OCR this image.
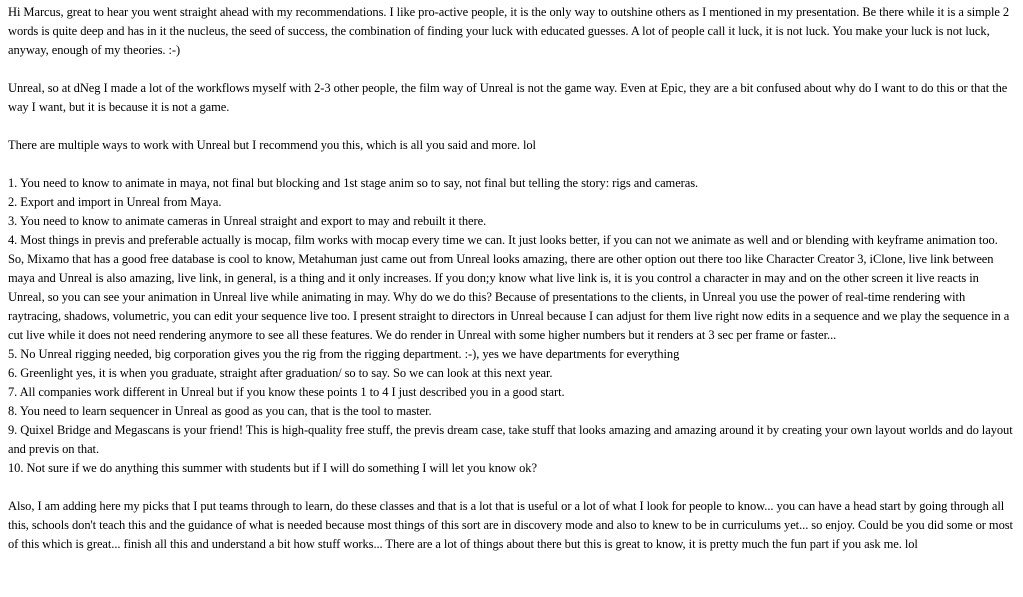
Hi Marcus, great to hear you went straight ahead with my recommendations. I like pro-active people, it is the only way to outshine others as I mentioned in my presentation. Be there while it is a simple 2 words is quite deep and has in it the nucleus, the seed of success, the combination of finding your luck with educated guesses. A lot of people call it luck, it is not luck. You make your luck is not luck, anyway, enough of my theories. :-)

Unreal, so at dNeg I made a lot of the workflows myself with 2-3 other people, the film way of Unreal is not the game way. Even at Epic, they are a bit confused about why do I want to do this or that the way I want, but it is because it is not a game.

There are multiple ways to work with Unreal but I recommend you this, which is all you said and more. lol

1. You need to know to animate in maya, not final but blocking and 1st stage anim so to say, not final but telling the story: rigs and cameras.
2. Export and import in Unreal from Maya.
3. You need to know to animate cameras in Unreal straight and export to may and rebuilt it there.
4. Most things in previs and preferable actually is mocap, film works with mocap every time we can. It just looks better, if you can not we animate as well and or blending with keyframe animation too. So, Mixamo that has a good free database is cool to know, Metahuman just came out from Unreal looks amazing, there are other option out there too like Character Creator 3, iClone, live link between maya and Unreal is also amazing, live link, in general, is a thing and it only increases. If you don;y know what live link is, it is you control a character in may and on the other screen it live reacts in Unreal, so you can see your animation in Unreal live while animating in may. Why do we do this? Because of presentations to the clients, in Unreal you use the power of real-time rendering with raytracing, shadows, volumetric, you can edit your sequence live too. I present straight to directors in Unreal because I can adjust for them live right now edits in a sequence and we play the sequence in a cut live while it does not need rendering anymore to see all these features. We do render in Unreal with some higher numbers but it renders at 3 sec per frame or faster...
5. No Unreal rigging needed, big corporation gives you the rig from the rigging department. :-), yes we have departments for everything
6. Greenlight yes, it is when you graduate, straight after graduation/ so to say. So we can look at this next year.
7. All companies work different in Unreal but if you know these points 1 to 4 I just described you in a good start.
8. You need to learn sequencer in Unreal as good as you can, that is the tool to master.
9. Quixel Bridge and Megascans is your friend! This is high-quality free stuff, the previs dream case, take stuff that looks amazing and amazing around it by creating your own layout worlds and do layout and previs on that.
10. Not sure if we do anything this summer with students but if I will do something I will let you know ok?

Also, I am adding here my picks that I put teams through to learn, do these classes and that is a lot that is useful or a lot of what I look for people to know... you can have a head start by going through all this, schools don't teach this and the guidance of what is needed because most things of this sort are in discovery mode and also to knew to be in curriculums yet... so enjoy. Could be you did some or most of this which is great... finish all this and understand a bit how stuff works... There are a lot of things about there but this is great to know, it is pretty much the fun part if you ask me. lol
